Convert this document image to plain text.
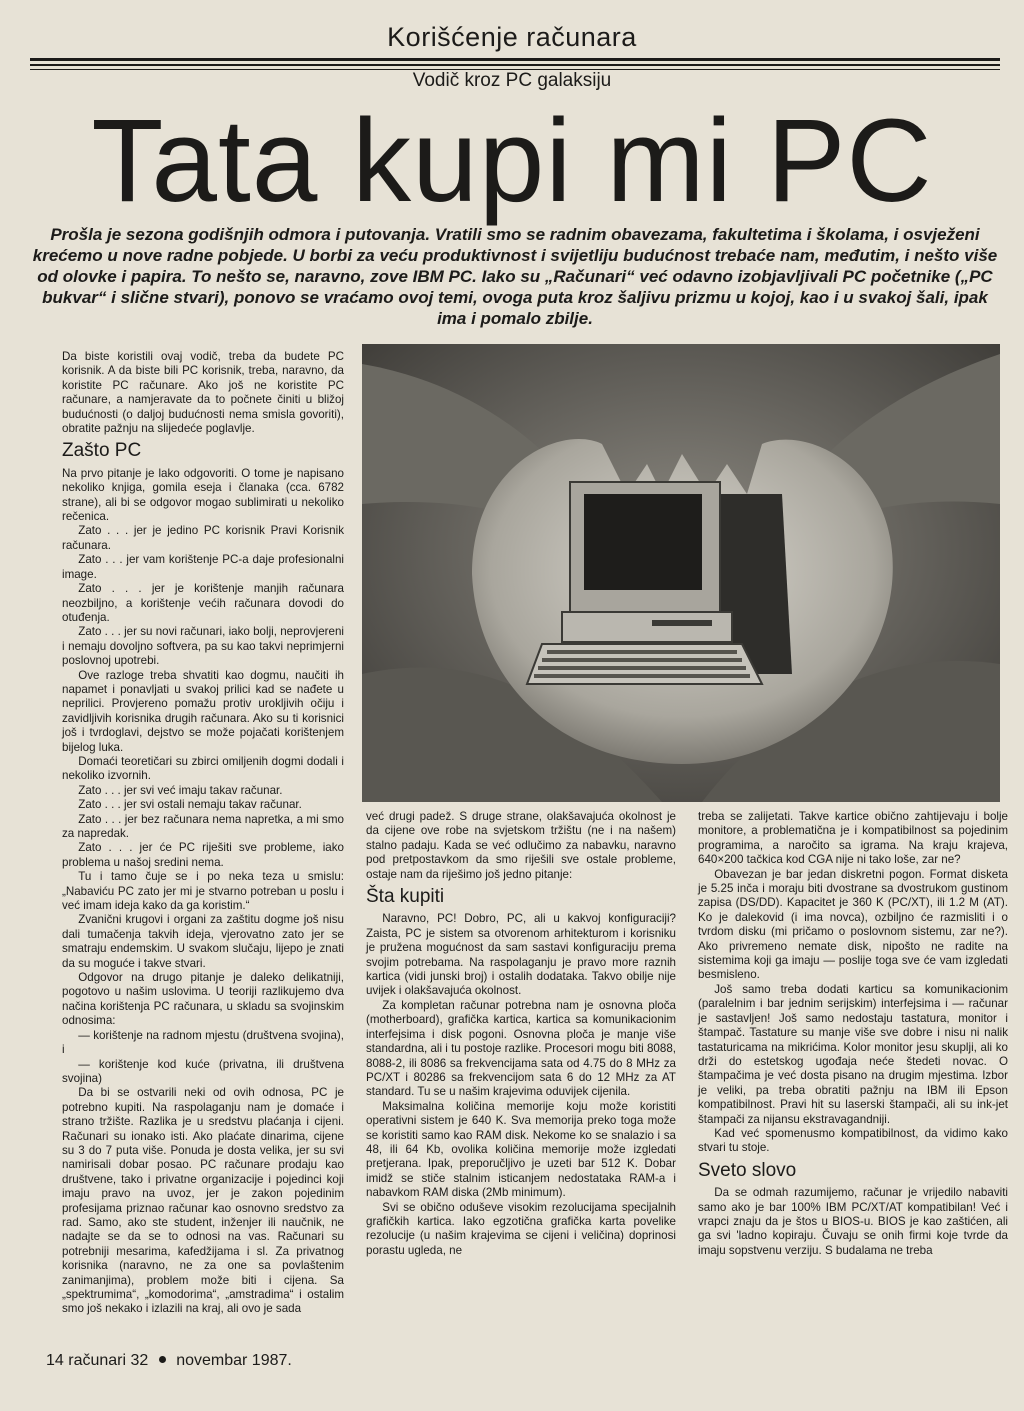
Korišćenje računara
Vodič kroz PC galaksiju
Tata kupi mi PC
Prošla je sezona godišnjih odmora i putovanja. Vratili smo se radnim obavezama, fakultetima i školama, i osvježeni krećemo u nove radne pobjede. U borbi za veću produktivnost i svijetliju budućnost trebaće nam, međutim, i nešto više od olovke i papira. To nešto se, naravno, zove IBM PC. Iako su „Računari“ već odavno izobjavljivali PC početnike („PC bukvar“ i slične stvari), ponovo se vraćamo ovoj temi, ovoga puta kroz šaljivu prizmu u kojoj, kao i u svakoj šali, ipak ima i pomalo zbilje.

Da biste koristili ovaj vodič, treba da budete PC korisnik. A da biste bili PC korisnik, treba, naravno, da koristite PC računare. Ako još ne koristite PC računare, a namjeravate da to počnete činiti u bližoj budućnosti (o daljoj budućnosti nema smisla govoriti), obratite pažnju na slijedeće poglavlje.

Zašto PC

Na prvo pitanje je lako odgovoriti. O tome je napisano nekoliko knjiga, gomila eseja i članaka (cca. 6782 strane), ali bi se odgovor mogao sublimirati u nekoliko rečenica.

Zato . . . jer je jedino PC korisnik Pravi Korisnik računara.

Zato . . . jer vam korištenje PC-a daje profesionalni image.

Zato . . . jer je korištenje manjih računara neozbiljno, a korištenje većih računara dovodi do otuđenja.

Zato . . . jer su novi računari, iako bolji, neprovjereni i nemaju dovoljno softvera, pa su kao takvi neprimjerni poslovnoj upotrebi.

Ove razloge treba shvatiti kao dogmu, naučiti ih napamet i ponavljati u svakoj prilici kad se nađete u neprilici. Provjereno pomažu protiv urokljivih očiju i zavidljivih korisnika drugih računara. Ako su ti korisnici još i tvrdoglavi, dejstvo se može pojačati korištenjem bijelog luka.

Domaći teoretičari su zbirci omiljenih dogmi dodali i nekoliko izvornih.

Zato . . . jer svi već imaju takav računar.

Zato . . . jer svi ostali nemaju takav računar.

Zato . . . jer bez računara nema napretka, a mi smo za napredak.

Zato . . . jer će PC riješiti sve probleme, iako problema u našoj sredini nema.

Tu i tamo čuje se i po neka teza u smislu: „Nabaviću PC zato jer mi je stvarno potreban u poslu i već imam ideja kako da ga koristim.“

Zvanični krugovi i organi za zaštitu dogme još nisu dali tumačenja takvih ideja, vjerovatno zato jer se smatraju endemskim. U svakom slučaju, lijepo je znati da su moguće i takve stvari.

Odgovor na drugo pitanje je daleko delikatniji, pogotovo u našim uslovima. U teoriji razlikujemo dva načina korištenja PC računara, u skladu sa svojinskim odnosima:

— korištenje na radnom mjestu (društvena svojina), i

— korištenje kod kuće (privatna, ili društvena svojina)

Da bi se ostvarili neki od ovih odnosa, PC je potrebno kupiti. Na raspolaganju nam je domaće i strano tržište. Razlika je u sredstvu plaćanja i cijeni. Računari su ionako isti. Ako plaćate dinarima, cijene su 3 do 7 puta više. Ponuda je dosta velika, jer su svi namirisali dobar posao. PC računare prodaju kao društvene, tako i privatne organizacije i pojedinci koji imaju pravo na uvoz, jer je zakon pojedinim profesijama priznao računar kao osnovno sredstvo za rad. Samo, ako ste student, inženjer ili naučnik, ne nadajte se da se to odnosi na vas. Računari su potrebniji mesarima, kafedžijama i sl. Za privatnog korisnika (naravno, ne za one sa povlaštenim zanimanjima), problem može biti i cijena. Sa „spektrumima“, „komodorima“, „amstradima“ i ostalim smo još nekako i izlazili na kraj, ali ovo je sada

već drugi padež. S druge strane, olakšavajuća okolnost je da cijene ove robe na svjetskom tržištu (ne i na našem) stalno padaju. Kada se već odlučimo za nabavku, naravno pod pretpostavkom da smo riješili sve ostale probleme, ostaje nam da riješimo još jedno pitanje:

Šta kupiti

Naravno, PC! Dobro, PC, ali u kakvoj konfiguraciji? Zaista, PC je sistem sa otvorenom arhitekturom i korisniku je pružena mogućnost da sam sastavi konfiguraciju prema svojim potrebama. Na raspolaganju je pravo more raznih kartica (vidi junski broj) i ostalih dodataka. Takvo obilje nije uvijek i olakšavajuća okolnost.

Za kompletan računar potrebna nam je osnovna ploča (motherboard), grafička kartica, kartica sa komunikacionim interfejsima i disk pogoni. Osnovna ploča je manje više standardna, ali i tu postoje razlike. Procesori mogu biti 8088, 8088-2, ili 8086 sa frekvencijama sata od 4.75 do 8 MHz za PC/XT i 80286 sa frekvencijom sata 6 do 12 MHz za AT standard. Tu se u našim krajevima oduvijek cijenila.

Maksimalna količina memorije koju može koristiti operativni sistem je 640 K. Sva memorija preko toga može se koristiti samo kao RAM disk. Nekome ko se snalazio i sa 48, ili 64 Kb, ovolika količina memorije može izgledati pretjerana. Ipak, preporučljivo je uzeti bar 512 K. Dobar imidž se stiče stalnim isticanjem nedostataka RAM-a i nabavkom RAM diska (2Mb minimum).

Svi se obično oduševe visokim rezolucijama specijalnih grafičkih kartica. Iako egzotična grafička karta povelike rezolucije (u našim krajevima se cijeni i veličina) doprinosi porastu ugleda, ne

treba se zalijetati. Takve kartice obično zahtijevaju i bolje monitore, a problematična je i kompatibilnost sa pojedinim programima, a naročito sa igrama. Na kraju krajeva, 640×200 tačkica kod CGA nije ni tako loše, zar ne?

Obavezan je bar jedan diskretni pogon. Format disketa je 5.25 inča i moraju biti dvostrane sa dvostrukom gustinom zapisa (DS/DD). Kapacitet je 360 K (PC/XT), ili 1.2 M (AT). Ko je dalekovid (i ima novca), ozbiljno će razmisliti i o tvrdom disku (mi pričamo o poslovnom sistemu, zar ne?). Ako privremeno nemate disk, nipošto ne radite na sistemima koji ga imaju — poslije toga sve će vam izgledati besmisleno.

Još samo treba dodati karticu sa komunikacionim (paralelnim i bar jednim serijskim) interfejsima i — računar je sastavljen! Još samo nedostaju tastatura, monitor i štampač. Tastature su manje više sve dobre i nisu ni nalik tastaturicama na mikrićima. Kolor monitor jesu skuplji, ali ko drži do estetskog ugođaja neće štedeti novac. O štampačima je već dosta pisano na drugim mjestima. Izbor je veliki, pa treba obratiti pažnju na IBM ili Epson kompatibilnost. Pravi hit su laserski štampači, ali su ink-jet štampači za nijansu ekstravagandniji.

Kad već spomenusmo kompatibilnost, da vidimo kako stvari tu stoje.

Sveto slovo

Da se odmah razumijemo, računar je vrijedilo nabaviti samo ako je bar 100% IBM PC/XT/AT kompatibilan! Već i vrapci znaju da je štos u BIOS-u. BIOS je kao zaštićen, ali ga svi 'ladno kopiraju. Čuvaju se onih firmi koje tvrde da imaju sopstvenu verziju. S budalama ne treba

14 računari 32 novembar 1987.
